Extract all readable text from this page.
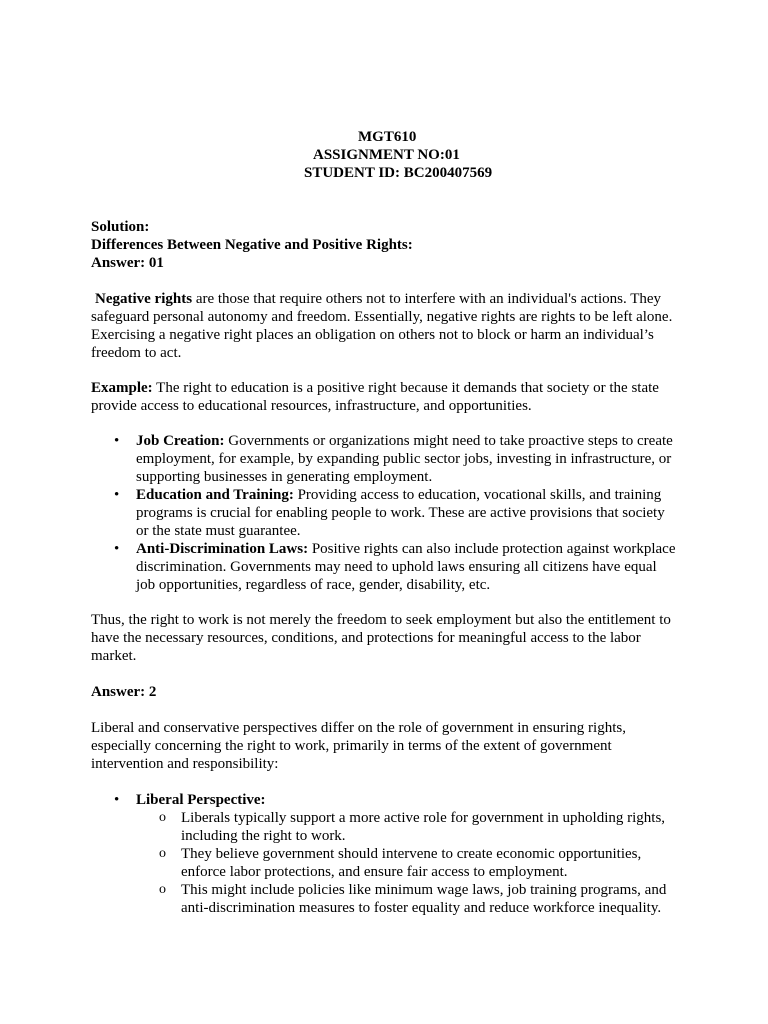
MGT610
ASSIGNMENT NO:01
STUDENT ID: BC200407569
Solution:
Differences Between Negative and Positive Rights:
Answer: 01
Negative rights are those that require others not to interfere with an individual's actions. They
safeguard personal autonomy and freedom. Essentially, negative rights are rights to be left alone.
Exercising a negative right places an obligation on others not to block or harm an individual’s
freedom to act.
Example: The right to education is a positive right because it demands that society or the state
provide access to educational resources, infrastructure, and opportunities.
• Job Creation: Governments or organizations might need to take proactive steps to create
employment, for example, by expanding public sector jobs, investing in infrastructure, or
supporting businesses in generating employment.
• Education and Training: Providing access to education, vocational skills, and training
programs is crucial for enabling people to work. These are active provisions that society
or the state must guarantee.
• Anti-Discrimination Laws: Positive rights can also include protection against workplace
discrimination. Governments may need to uphold laws ensuring all citizens have equal
job opportunities, regardless of race, gender, disability, etc.
Thus, the right to work is not merely the freedom to seek employment but also the entitlement to
have the necessary resources, conditions, and protections for meaningful access to the labor
market.
Answer: 2
Liberal and conservative perspectives differ on the role of government in ensuring rights,
especially concerning the right to work, primarily in terms of the extent of government
intervention and responsibility:
• Liberal Perspective:
o Liberals typically support a more active role for government in upholding rights,
including the right to work.
o They believe government should intervene to create economic opportunities,
enforce labor protections, and ensure fair access to employment.
o This might include policies like minimum wage laws, job training programs, and
anti-discrimination measures to foster equality and reduce workforce inequality.
